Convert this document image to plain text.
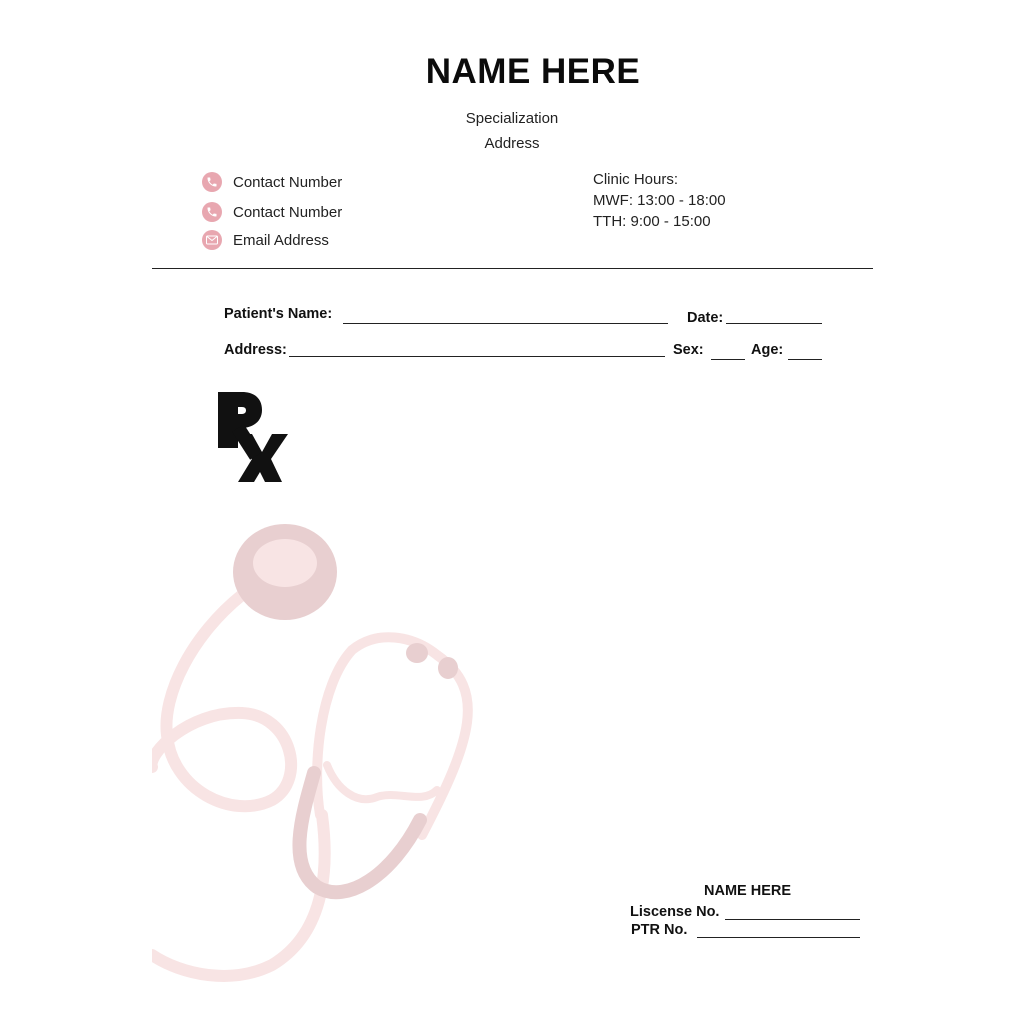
NAME HERE
Specialization
Address
Contact Number
Contact Number
Email Address
Clinic Hours:
MWF: 13:00 - 18:00
TTH: 9:00 - 15:00
Patient's Name:	Date:
Address:	Sex:	Age:
NAME HERE
Liscense No.
PTR No.
